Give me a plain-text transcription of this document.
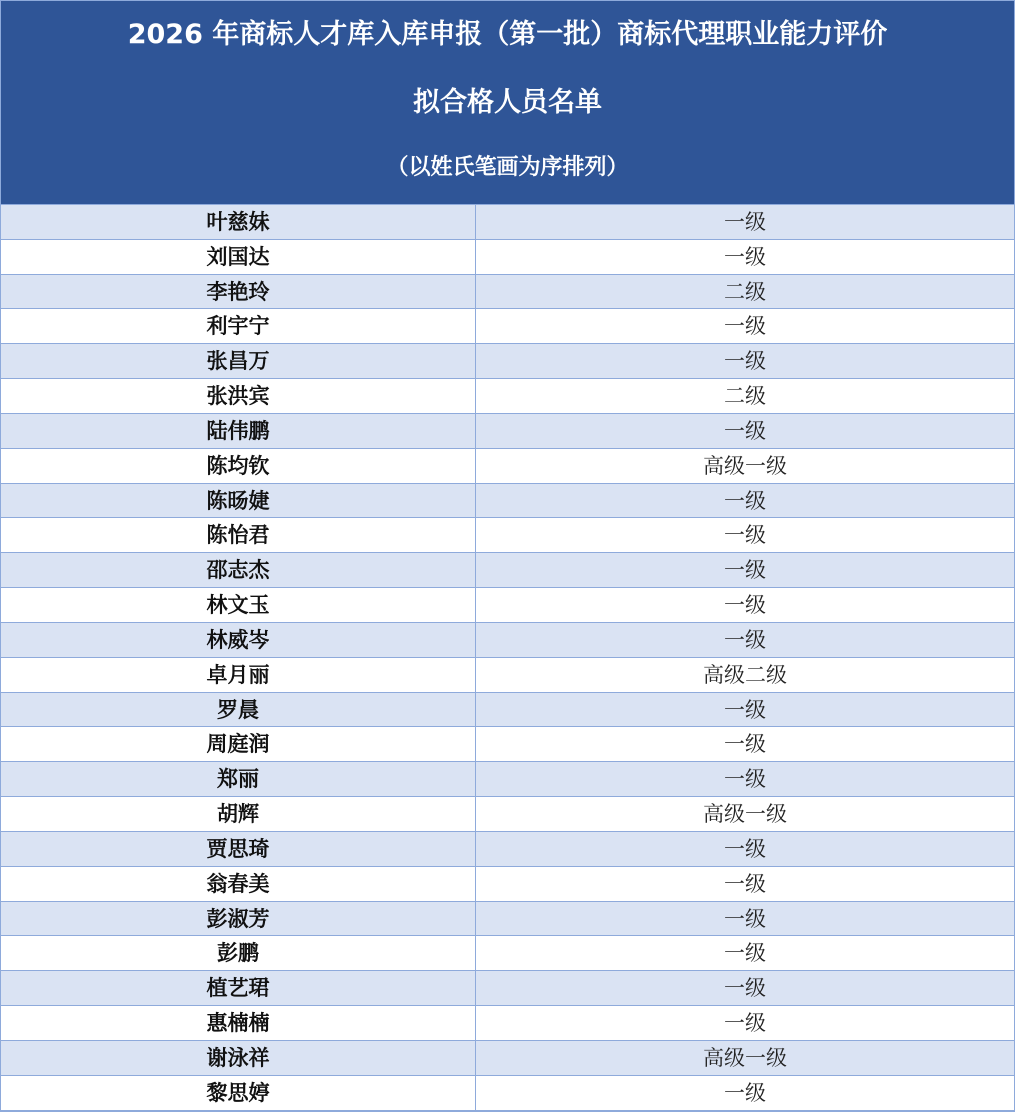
2026 年商标人才库入库申报（第一批）商标代理职业能力评价
拟合格人员名单
（以姓氏笔画为序排列）
叶慈妹	一级
刘国达	一级
李艳玲	二级
利宇宁	一级
张昌万	一级
张洪宾	二级
陆伟鹏	一级
陈均钦	高级一级
陈旸婕	一级
陈怡君	一级
邵志杰	一级
林文玉	一级
林威岑	一级
卓月丽	高级二级
罗晨	一级
周庭润	一级
郑丽	一级
胡辉	高级一级
贾思琦	一级
翁春美	一级
彭淑芳	一级
彭鹏	一级
植艺珺	一级
惠楠楠	一级
谢泳祥	高级一级
黎思婷	一级
